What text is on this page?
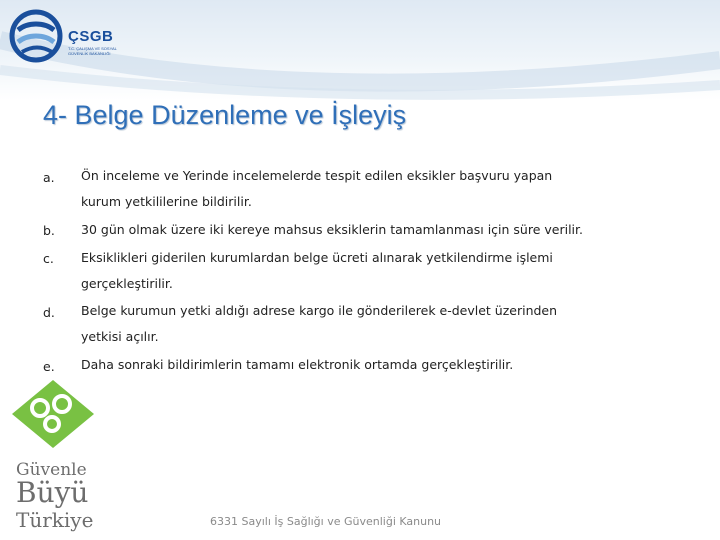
ÇSGB
T.C. ÇALIŞMA VE SOSYAL GÜVENLİK BAKANLIĞI
4- Belge Düzenleme ve İşleyiş
a. Ön inceleme ve Yerinde incelemelerde tespit edilen eksikler başvuru yapan
kurum yetkililerine bildirilir.
b. 30 gün olmak üzere iki kereye mahsus eksiklerin tamamlanması için süre verilir.
c. Eksiklikleri giderilen kurumlardan belge ücreti alınarak yetkilendirme işlemi
gerçekleştirilir.
d. Belge kurumun yetki aldığı adrese kargo ile gönderilerek e-devlet üzerinden
yetkisi açılır.
e. Daha sonraki bildirimlerin tamamı elektronik ortamda gerçekleştirilir.
Güvenle
Büyü
Türkiye	6331 Sayılı İş Sağlığı ve Güvenliği Kanunu
